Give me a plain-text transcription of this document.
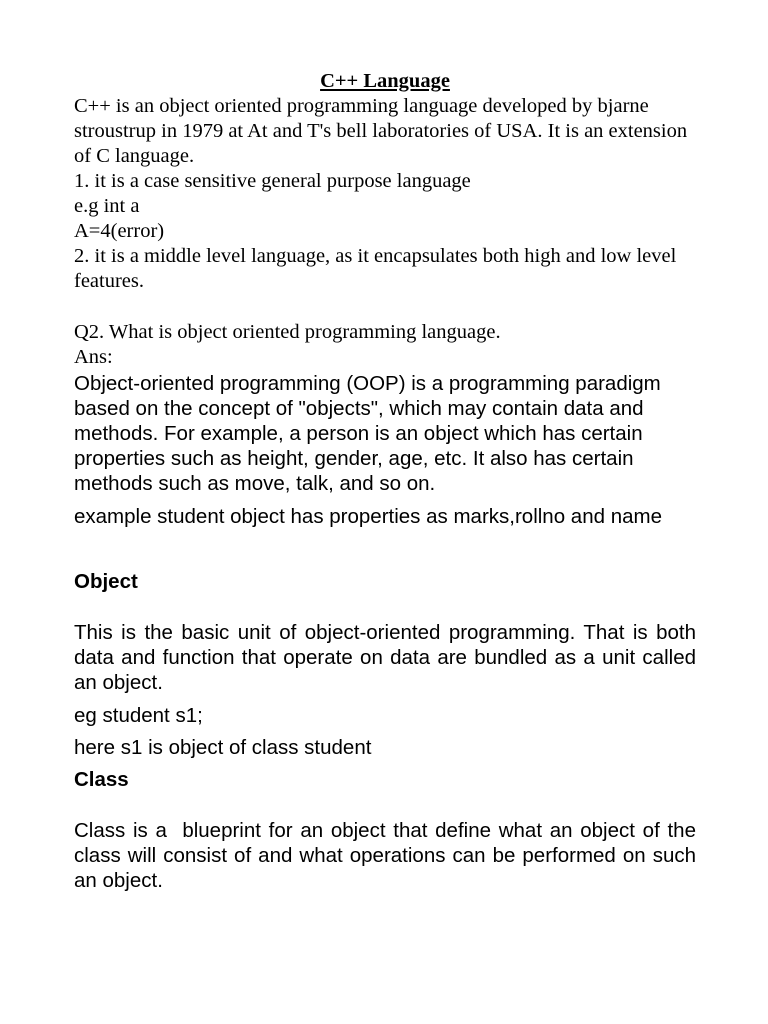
C++ Language

C++ is an object oriented programming language developed by bjarne stroustrup in 1979 at At and T's bell laboratories of USA. It is an extension of C language.

1. it is a case sensitive general purpose language

e.g int a

A=4(error)

2. it is a middle level language, as it encapsulates both high and low level features.

Q2. What is object oriented programming language.

Ans:

Object-oriented programming (OOP) is a programming paradigm based on the concept of "objects", which may contain data and methods. For example, a person is an object which has certain properties such as height, gender, age, etc. It also has certain methods such as move, talk, and so on.

example student object has properties as marks,rollno and name

Object

This is the basic unit of object-oriented programming. That is both data and function that operate on data are bundled as a unit called an object.

eg student s1;

here s1 is object of class student

Class

Class is a  blueprint for an object that define what an object of the class will consist of and what operations can be performed on such an object.
